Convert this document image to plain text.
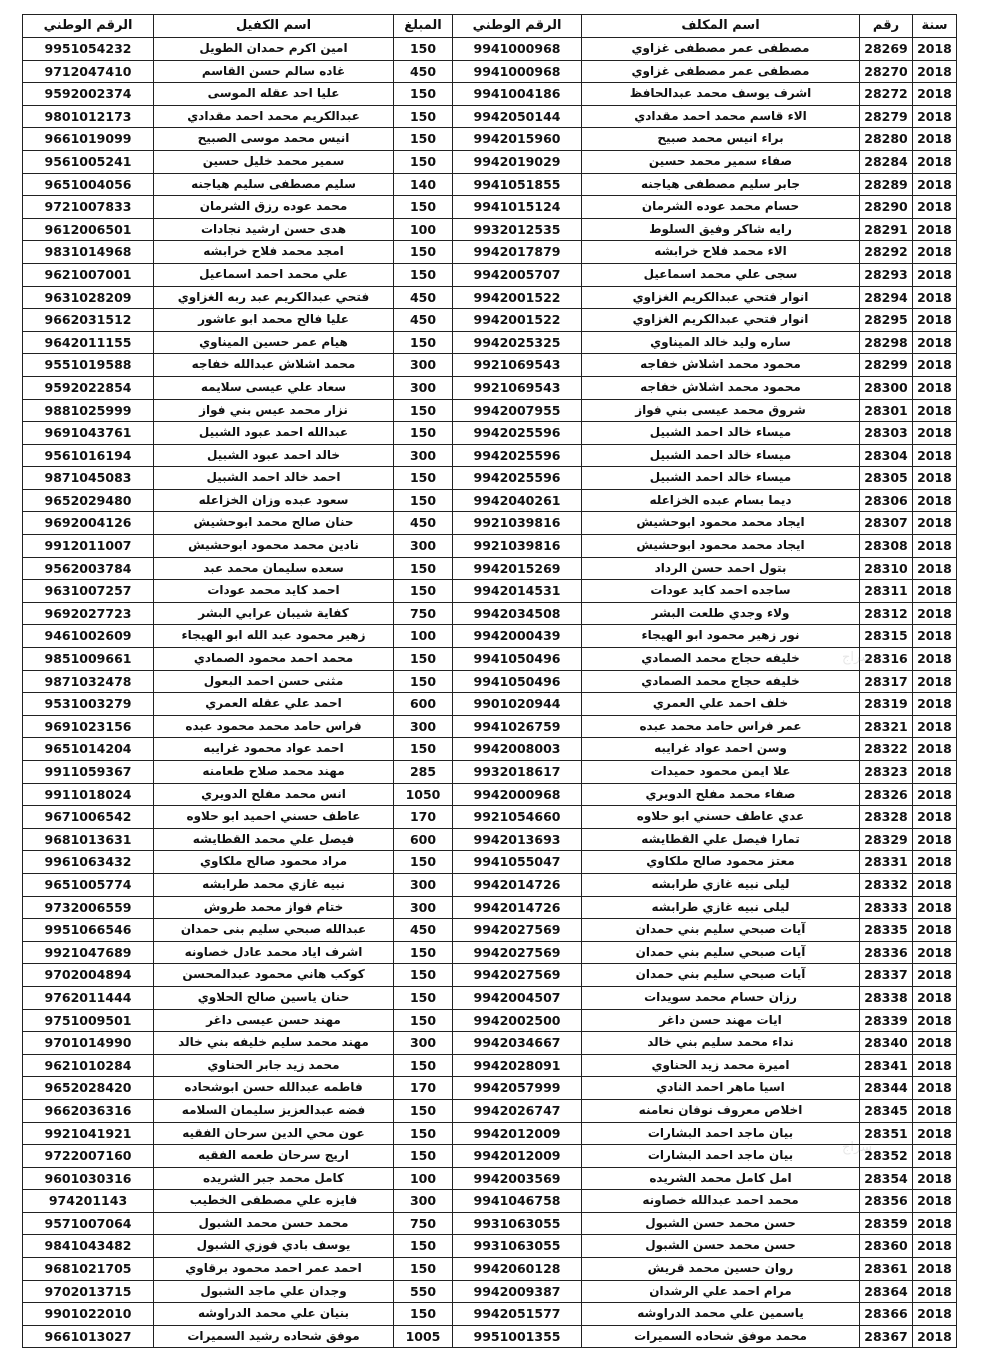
الرقم الوطني	اسم الكفيل	المبلغ	الرقم الوطني	اسم المكلف	رقم	سنة
9951054232	امين اكرم حمدان الطويل	150	9941000968	مصطفى عمر مصطفى غزاوي	28269	2018
9712047410	غاده سالم حسن القاسم	450	9941000968	مصطفى عمر مصطفى غزاوي	28270	2018
9592002374	عليا احد عقله الموسى	150	9941004186	اشرف يوسف محمد عبدالحافظ	28272	2018
9801012173	عبدالكريم محمد احمد مقدادي	150	9942050144	الاء قاسم محمد احمد مقدادي	28279	2018
9661019099	انيس محمد موسى الصبيح	150	9942015960	براء انيس محمد صبيح	28280	2018
9561005241	سمير محمد خليل حسين	150	9942019029	صفاء سمير محمد حسين	28284	2018
9651004056	سليم مصطفى سليم هياجنه	140	9941051855	جابر سليم مصطفى هياجنه	28289	2018
9721007833	محمد عوده رزق الشرمان	150	9941015124	حسام محمد عوده الشرمان	28290	2018
9612006501	هدى حسن ارشيد نجادات	100	9932012535	رايه شاكر وفيق السلوط	28291	2018
9831014968	امجد محمد فلاح خرابشه	150	9942017879	الاء محمد فلاح خرابشه	28292	2018
9621007001	علي محمد احمد اسماعيل	150	9942005707	سجى علي محمد اسماعيل	28293	2018
9631028209	فتحي عبدالكريم عبد ربه الغزاوي	450	9942001522	انوار فتحي عبدالكريم الغزاوي	28294	2018
9662031512	عليا فالح محمد ابو عاشور	450	9942001522	انوار فتحي عبدالكريم الغزاوي	28295	2018
9642011155	هيام عمر حسين الميناوي	150	9942025325	ساره وليد خالد الميناوي	28298	2018
9551019588	محمد اشلاش عبدالله خفاجه	300	9921069543	محمود محمد اشلاش خفاجه	28299	2018
9592022854	سعاد علي عيسى سلايمه	300	9921069543	محمود محمد اشلاش خفاجه	28300	2018
9881025999	نزار محمد عيس بني فواز	150	9942007955	شروق محمد عيسى بني فواز	28301	2018
9691043761	عبدالله احمد عبود الشبيل	150	9942025596	ميساء خالد احمد الشبيل	28303	2018
9561016194	خالد احمد عبود الشبيل	300	9942025596	ميساء خالد احمد الشبيل	28304	2018
9871045083	احمد خالد احمد الشبيل	150	9942025596	ميساء خالد احمد الشبيل	28305	2018
9652029480	سعود عبده وزان الخزاعله	150	9942040261	ديما بسام عبده الخزاعله	28306	2018
9692004126	حنان صالح محمد ابوحشيش	450	9921039816	ايجاد محمد محمود ابوحشيش	28307	2018
9912011007	نادين محمد محمود ابوحشيش	300	9921039816	ايجاد محمد محمود ابوحشيش	28308	2018
9562003784	سعده سليمان محمد عبد	150	9942015269	بتول احمد حسن الرداد	28310	2018
9631007257	احمد كايد محمد عودات	150	9942014531	ساجده احمد كايد عودات	28311	2018
9692027723	كفاية شيبان عرابي البشر	750	9942034508	ولاء وجدي طلعت البشر	28312	2018
9461002609	زهير محمود عبد الله ابو الهيجاء	100	9942000439	نور زهير محمود ابو الهيجاء	28315	2018
9851009661	محمد احمد محمود الصمادي	150	9941050496	خليفه حجاج محمد الصمادي	28316	2018
9871032478	مثنى حسن احمد البعول	150	9941050496	خليفه حجاج محمد الصمادي	28317	2018
9531003279	احمد علي عقله العمري	600	9901020944	خلف احمد علي العمري	28319	2018
9691023156	فراس حامد محمد محمود عبده	300	9941026759	عمر فراس حامد محمد عبده	28321	2018
9651014204	احمد عواد محمود غرايبه	150	9942008003	وسن احمد عواد غرايبه	28322	2018
9911059367	مهند محمد صلاح طعامنه	285	9932018617	علا ايمن محمود حميدات	28323	2018
9911018024	انس محمد مفلح الدويري	1050	9942000968	صفاء محمد مفلح الدويري	28326	2018
9671006542	عاطف حسني احميد ابو حلاوه	170	9921054660	عدي عاطف حسني ابو حلاوه	28328	2018
9681013631	فيصل علي محمد القطايشه	600	9942013693	تمارا فيصل علي القطايشه	28329	2018
9961063432	مراد محمود صالح ملكاوي	150	9941055047	معتز محمود صالح ملكاوي	28331	2018
9651005774	نبيه غازي محمد طرابشه	300	9942014726	ليلى نبيه غازي طرابشه	28332	2018
9732006559	ختام فواز محمد طروش	300	9942014726	ليلى نبيه غازي طرابشه	28333	2018
9951066546	عبدالله صبحي سليم بنى حمدان	450	9942027569	آيات صبحي سليم بني حمدان	28335	2018
9921047689	اشرف اياد محمد عادل خصاونه	150	9942027569	آيات صبحي سليم بني حمدان	28336	2018
9702004894	كوكب هاني محمود عبدالمحسن	150	9942027569	آيات صبحي سليم بني حمدان	28337	2018
9762011444	حنان ياسين صالح الحلاوي	150	9942004507	رزان حسام محمد سويدات	28338	2018
9751009501	مهند حسن عيسى داغر	150	9942002500	ايات مهند حسن داغر	28339	2018
9701014990	مهند محمد سليم خليفه بني خالد	300	9942034667	نداء محمد سليم بني خالد	28340	2018
9621010284	محمد زيد جابر الحناوي	150	9942028091	اميرة محمد زيد الحناوي	28341	2018
9652028420	فاطمه عبدالله حسن ابوشحاده	170	9942057999	اسيا ماهر احمد النادي	28344	2018
9662036316	فضه عبدالعزيز سليمان السلامه	150	9942026747	اخلاص معروف نوفان نعامنه	28345	2018
9921041921	عون محي الدين سرحان الفقيه	150	9942012009	بيان ماجد احمد البشارات	28351	2018
9722007160	اريج سرحان طعمه الفقيه	150	9942012009	بيان ماجد احمد البشارات	28352	2018
9601030316	كامل محمد جبر الشريده	100	9942003569	امل كامل محمد الشريده	28354	2018
974201143	فايزه علي مصطفى الخطيب	300	9941046758	محمد احمد عبدالله خصاونه	28356	2018
9571007064	محمد حسن محمد الشبول	750	9931063055	حسن محمد حسن الشبول	28359	2018
9841043482	يوسف بادي فوزي الشبول	150	9931063055	حسن محمد حسن الشبول	28360	2018
9681021705	احمد عمر احمد محمود برقاوي	150	9942060128	روان حسين محمد قريش	28361	2018
9702013715	وجدان علي ماجد الشبول	550	9942009387	مرام احمد علي الرشدان	28364	2018
9901022010	بنيان علي محمد الدراوشه	150	9942051577	ياسمين علي محمد الدراوشه	28366	2018
9661013027	موفق شحاده رشيد السميرات	1005	9951001355	محمد موفق شحاده السميرات	28367	2018
ﺳﺮﺍﺝ
ﺳﺮﺍﺝ
